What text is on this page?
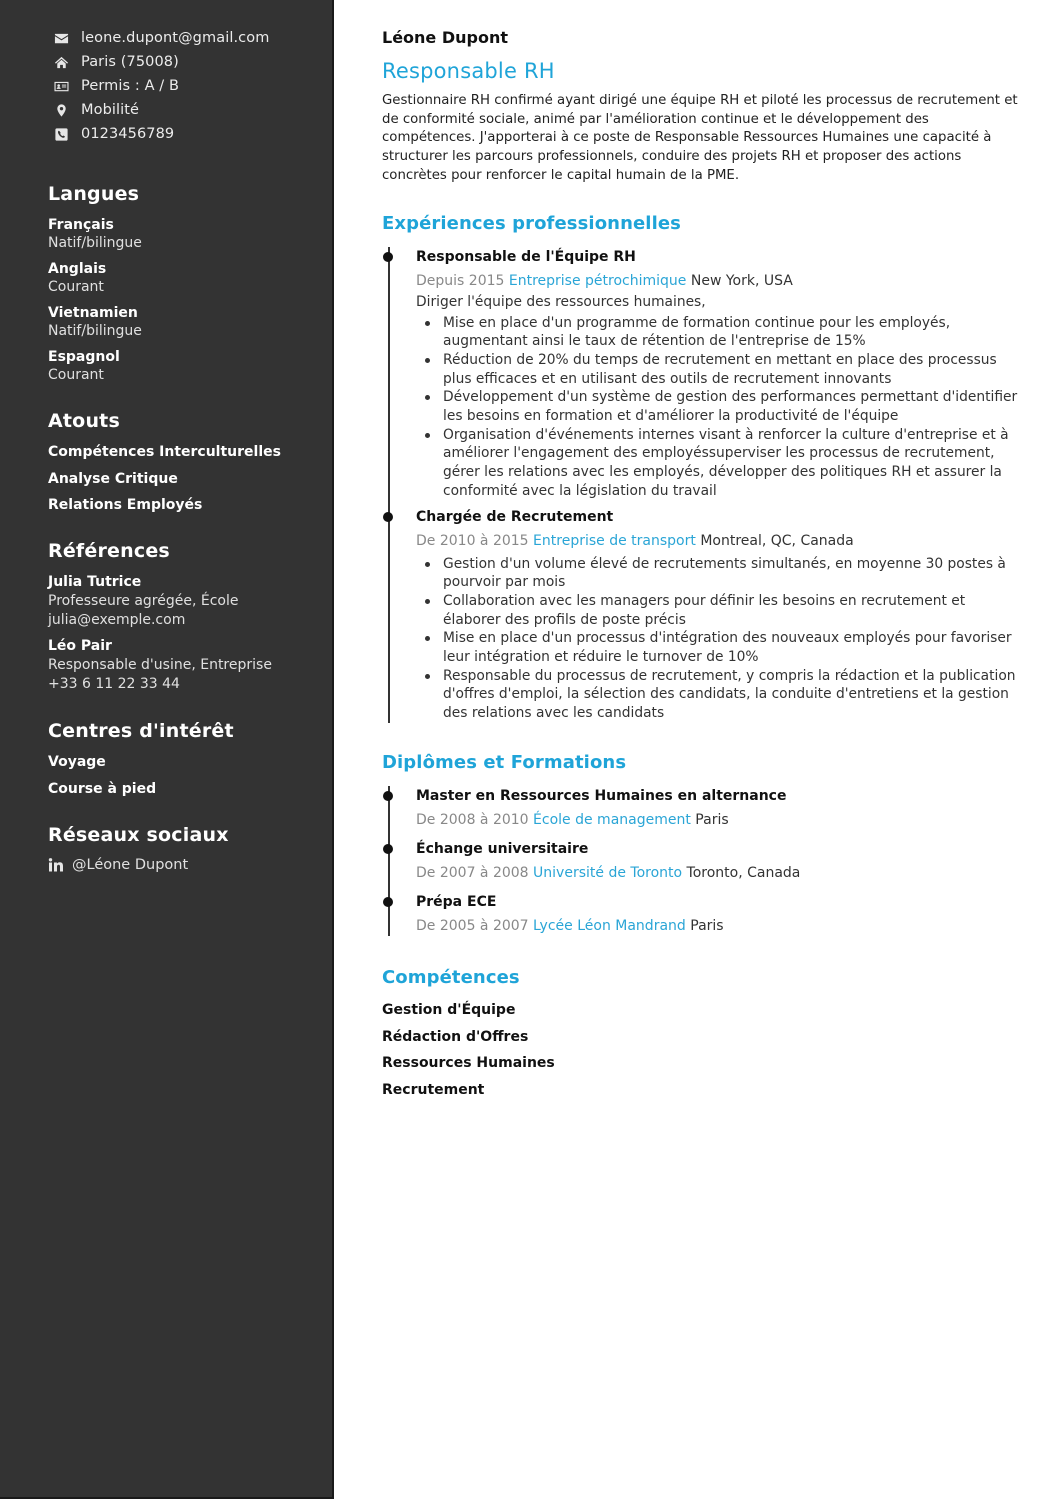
leone.dupont@gmail.com
Paris (75008)
Permis : A / B
Mobilité
0123456789
Langues
Français
Natif/bilingue
Anglais
Courant
Vietnamien
Natif/bilingue
Espagnol
Courant
Atouts
Compétences Interculturelles
Analyse Critique
Relations Employés
Références
Julia Tutrice
Professeure agrégée, École
julia@exemple.com
Léo Pair
Responsable d'usine, Entreprise
+33 6 11 22 33 44
Centres d'intérêt
Voyage
Course à pied
Réseaux sociaux
@Léone Dupont
Léone Dupont
Responsable RH

Gestionnaire RH confirmé ayant dirigé une équipe RH et piloté les processus de recrutement et de conformité sociale, animé par l'amélioration continue et le développement des compétences. J'apporterai à ce poste de Responsable Ressources Humaines une capacité à structurer les parcours professionnels, conduire des projets RH et proposer des actions concrètes pour renforcer le capital humain de la PME.

Expériences professionnelles
Responsable de l'Équipe RH
Depuis 2015 Entreprise pétrochimique New York, USA
Diriger l'équipe des ressources humaines,
Mise en place d'un programme de formation continue pour les employés, augmentant ainsi le taux de rétention de l'entreprise de 15%
Réduction de 20% du temps de recrutement en mettant en place des processus plus efficaces et en utilisant des outils de recrutement innovants
Développement d'un système de gestion des performances permettant d'identifier les besoins en formation et d'améliorer la productivité de l'équipe
Organisation d'événements internes visant à renforcer la culture d'entreprise et à améliorer l'engagement des employéssuperviser les processus de recrutement, gérer les relations avec les employés, développer des politiques RH et assurer la conformité avec la législation du travail
Chargée de Recrutement
De 2010 à 2015 Entreprise de transport Montreal, QC, Canada
Gestion d'un volume élevé de recrutements simultanés, en moyenne 30 postes à pourvoir par mois
Collaboration avec les managers pour définir les besoins en recrutement et élaborer des profils de poste précis
Mise en place d'un processus d'intégration des nouveaux employés pour favoriser leur intégration et réduire le turnover de 10%
Responsable du processus de recrutement, y compris la rédaction et la publication d'offres d'emploi, la sélection des candidats, la conduite d'entretiens et la gestion des relations avec les candidats
Diplômes et Formations
Master en Ressources Humaines en alternance
De 2008 à 2010 École de management Paris
Échange universitaire
De 2007 à 2008 Université de Toronto Toronto, Canada
Prépa ECE
De 2005 à 2007 Lycée Léon Mandrand Paris
Compétences
Gestion d'Équipe
Rédaction d'Offres
Ressources Humaines
Recrutement
